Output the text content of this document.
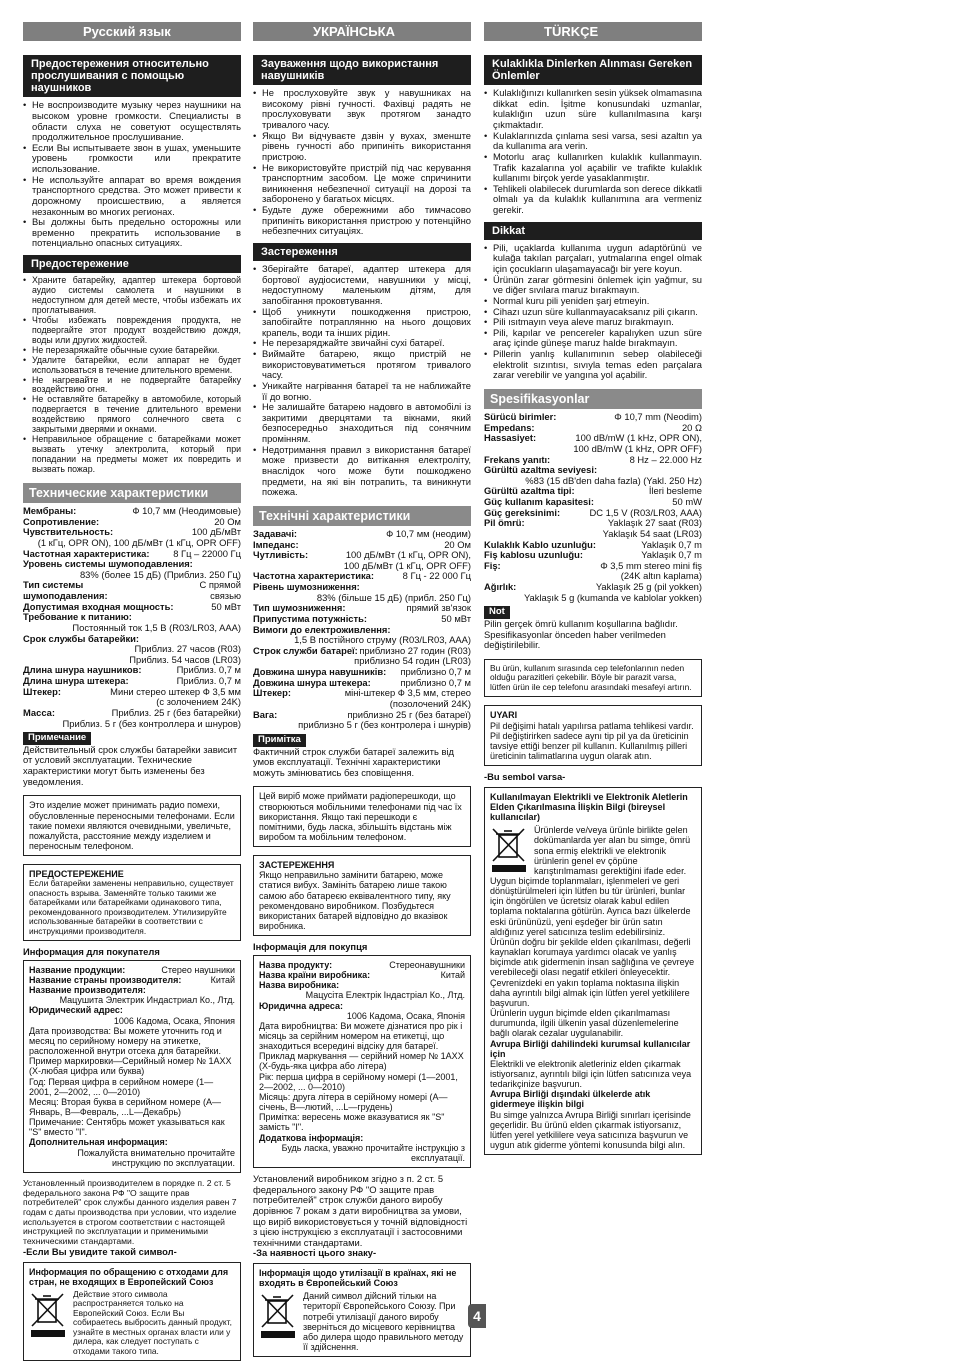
Русский язык
Предостережения относительно прослушивания с помощью наушников
• Не воспроизводите музыку через наушники на высоком уровне громкости. Специалисты в области слуха не советуют осуществлять продолжительное прослушивание.
• Если Вы испытываете звон в ушах, уменьшите уровень громкости или прекратите использование.
• Не используйте аппарат во время вождения транспортного средства. Это может привести к дорожному происшествию, а является незаконным во многих регионах.
• Вы должны быть предельно осторожны или временно прекратить использование в потенциально опасных ситуациях.
Предостережение
• Храните батарейку, адаптер штекера бортовой аудио системы самолета и наушники в недоступном для детей месте, чтобы избежать их проглатывания.
• Чтобы избежать повреждения продукта, не подвергайте этот продукт воздействию дождя, воды или других жидкостей.
• Не перезаряжайте обычные сухие батарейки.
• Удалите батарейки, если аппарат не будет использоваться в течение длительного времени.
• Не нагревайте и не подвергайте батарейку воздействию огня.
• Не оставляйте батарейку в автомобиле, который подвергается в течение длительного времени воздействию прямого солнечного света с закрытыми дверями и окнами.
• Неправильное обращение с батарейками может вызвать утечку электролита, который при попадании на предметы может их повредить и вызвать пожар.
Технические характеристики
Мембраны:	Ф 10,7 мм (Неодимовые)
Сопротивление:	20 Ом
Чувствительность:	100 дБ/мВт
(1 кГц, OPR ON), 100 дБ/мВт (1 кГц, OPR OFF)
Частотная характеристика:	8 Гц – 22000 Гц
Уровень системы шумоподавления:
83% (более 15 дБ) (Приблиз. 250 Гц)
Тип системы шумоподавления:
С прямой связью
Допустимая входная мощность:	50 мВт
Требование к питанию:
Постоянный ток 1,5 В (R03/LR03, AAA)
Срок службы батарейки:
Приблиз. 27 часов (R03)
Приблиз. 54 часов (LR03)
Длина шнура наушников:	Приблиз. 0,7 м
Длина шнура штекера:	Приблиз. 0,7 м
Штекер:	Мини стерео штекер Ф 3,5 мм
(с золочением 24K)
Масса:	Приблиз. 25 г (без батарейки)
Приблиз. 5 г (без контроллера и шнуров)
Примечание

Действительный срок службы батарейки зависит от условий эксплуатации. Технические характеристики могут быть изменены без уведомления.

Это изделие может принимать радио помехи, обусловленные переносными телефонами. Если такие помехи являются очевидными, увеличьте, пожалуйста, расстояние между изделием и переносным телефоном.

ПРЕДОСТЕРЕЖЕНИЕ

Если батарейки заменены неправильно, существует опасность взрыва. Заменяйте только такими же батарейками или батарейками одинакового типа, рекомендованного производителем. Утилизируйте использованные батарейки в соответствии с инструкциями производителя.

Информация для покупателя

Название продукции:	Стерео наушники
Название страны производителя:	Китай
Название производителя:
Мацушита Электрик Индастриал Ко., Лтд.
Юридический адрес:
1006 Кадома, Осака, Япония

Дата производства: Вы можете уточнить год и месяц по серийному номеру на этикетке, расположенной внутри отсека для батарейки.

Пример маркировки—Серийный номер № 1AXX (X-любая цифра или буква)

Год: Первая цифра в серийном номере (1—2001, 2—2002, ... 0—2010)

Месяц: Вторая буква в серийном номере (А—Январь, В—Февраль, ...L—Декабрь)

Примечание: Сентябрь может указываться как "S" вместо "I".

Дополнительная информация:

Пожалуйста внимательно прочитайте инструкцию по эксплуатации.

Установленный производителем в порядке п. 2 ст. 5 федерального закона РФ "О защите прав потребителей" срок службы данного изделия равен 7 годам с даты производства при условии, что изделие используется в строгом соответствии с настоящей инструкцией по эксплуатации и применимыми техническими стандартами.

-Если Вы увидите такой символ-

Информация по обращению с отходами для стран, не входящих в Европейский Союз

Действие этого символа распространяется только на Европейский Союз. Если Вы собираетесь выбросить данный продукт, узнайте в местных органах власти или у дилера, как следует поступать с отходами такого типа.

УКРАЇНСЬКА
Зауваження щодо використання навушників
• Не прослуховуйте звук у навушниках на високому рівні гучності. Фахівці радять не прослуховувати звук протягом занадто тривалого часу.
• Якщо Ви відчуваєте дзвін у вухах, зменште рівень гучності або припиніть використання пристрою.
• Не використовуйте пристрій під час керування транспортним засобом. Це може спричинити виникнення небезпечної ситуації на дорозі та заборонено у багатьох місцях.
• Будьте дуже обережними або тимчасово припиніть використання пристрою у потенційно небезпечних ситуаціях.
Застереження
• Зберігайте батареї, адаптер штекера для бортової аудіосистеми, навушники у місці, недоступному маленьким дітям, для запобігання проковтування.
• Щоб уникнути пошкодження пристрою, запобігайте потраплянню на нього дощових крапель, води та інших рідин.
• Не перезаряджайте звичайні сухі батареї.
• Виймайте батарею, якщо пристрій не використовуватиметься протягом тривалого часу.
• Уникайте нагрівання батареї та не наближайте її до вогню.
• Не залишайте батарею надовго в автомобілі із закритими дверцятами та вікнами, який безпосередньо знаходиться під сонячним промінням.
• Недотримання правил з використання батареї може призвести до витікання електроліту, внаслідок чого може бути пошкоджено предмети, на які він потрапить, та виникнути пожежа.
Технічні характеристики
Задавачі:	Ф 10,7 мм (неодим)
Імпеданс:	20 Ом
Чутливість:	100 дБ/мВт (1 кГц, OPR ON),
100 дБ/мВт (1 кГц, OPR OFF)
Частотна характеристика:	8 Гц - 22 000 Гц
Рівень шумозниження:
83% (більше 15 дБ) (прибл. 250 Гц)
Тип шумозниження:	прямий зв'язок
Припустима потужність:	50 мВт
Вимоги до електроживлення:
1,5 В постійного струму (R03/LR03, AAA)
Строк служби батареї: приблизно 27 годин (R03)
приблизно 54 годин (LR03)
Довжина шнура навушників: приблизно 0,7 м
Довжина шнура штекера:	приблизно 0,7 м
Штекер:	міні-штекер Ф 3,5 мм, стерео
(позолочений 24K)
Вага:	приблизно 25 г (без батареї)
приблизно 5 г (без контролера і шнурів)
Примітка

Фактичний строк служби батареї залежить від умов експлуатації. Технічні характеристики можуть змінюватись без сповіщення.

Цей виріб може приймати радіоперешкоди, що створюються мобільними телефонами під час їх використання. Якщо такі перешкоди є помітними, будь ласка, збільшіть відстань між виробом та мобільним телефоном.

ЗАСТЕРЕЖЕННЯ

Якщо неправильно замінити батарею, може статися вибух. Замініть батарею лише такою самою або батареєю еквівалентного типу, яку рекомендовано виробником. Позбудьтеся використаних батарей відповідно до вказівок виробника.

Інформація для покупця

Назва продукту:	Стереонавушники
Назва країни виробника:	Китай
Назва виробника:
Мацусіта Електрік Індастріал Ко., Лтд.
Юридична адреса:
1006 Кадома, Осака, Японія

Дата виробництва: Ви можете дізнатися про рік і місяць за серійним номером на етикетці, що знаходиться всередині відсіку для батареї.

Приклад маркування — серійний номер № 1AXX (X-будь-яка цифра або літера)

Рік: перша цифра в серійному номері (1—2001, 2—2002, ... 0—2010)

Місяць: друга літера в серійному номері (А—січень, В—лютий, ...L—грудень)

Примітка: вересень може вказуватися як "S" замість "I".

Додаткова інформація:

Будь ласка, уважно прочитайте інструкцію з експлуатації.

Установлений виробником згідно з п. 2 ст. 5 федерального закону РФ "О защите прав потребителей" строк служби даного виробу дорівнює 7 рокам з дати виробництва за умови, що виріб використовується у точній відповідності з цією інструкцією з експлуатації і застосовними технічними стандартами.

-За наявності цього знаку-

Інформація щодо утилізації в країнах, які не входять в Європейський Союз

Даний символ дійсний тільки на території Європейського Союзу. При потребі утилізації даного виробу зверніться до місцевого керівництва або дилера щодо правильного методу її здійснення.

TÜRKÇE
Kulaklıkla Dinlerken Alınması Gereken Önlemler
• Kulaklığınızı kullanırken sesin yüksek olmamasına dikkat edin. İşitme konusundaki uzmanlar, kulaklığın uzun süre kullanılmasına karşı çıkmaktadır.
• Kulaklarınızda çınlama sesi varsa, sesi azaltın ya da kullanıma ara verin.
• Motorlu araç kullanırken kulaklık kullanmayın. Trafik kazalarına yol açabilir ve trafikte kulaklık kullanımı birçok yerde yasaklanmıştır.
• Tehlikeli olabilecek durumlarda son derece dikkatli olmalı ya da kulaklık kullanımına ara vermeniz gerekir.
Dikkat
• Pili, uçaklarda kullanıma uygun adaptörünü ve kulağa takılan parçaları, yutmalarına engel olmak için çocukların ulaşamayacağı bir yere koyun.
• Ürünün zarar görmesini önlemek için yağmur, su ve diğer sıvılara maruz bırakmayın.
• Normal kuru pili yeniden şarj etmeyin.
• Cihazı uzun süre kullanmayacaksanız pili çıkarın.
• Pili ısıtmayın veya aleve maruz bırakmayın.
• Pili, kapılar ve pencereler kapalıyken uzun süre araç içinde güneşe maruz halde bırakmayın.
• Pillerin yanlış kullanımının sebep olabileceği elektrolit sızıntısı, sıvıyla temas eden parçalara zarar verebilir ve yangına yol açabilir.
Spesifikasyonlar
Sürücü birimler:	Φ 10,7 mm (Neodim)
Empedans:	20 Ω
Hassasiyet:	100 dB/mW (1 kHz, OPR ON),
100 dB/mW (1 kHz, OPR OFF)
Frekans yanıtı:	8 Hz – 22.000 Hz
Gürültü azaltma seviyesi:
%83 (15 dB'den daha fazla) (Yakl. 250 Hz)
Gürültü azaltma tipi:	İleri besleme
Güç kullanım kapasitesi:	50 mW
Güç gereksinimi:	DC 1,5 V (R03/LR03, AAA)
Pil ömrü:	Yaklaşık 27 saat (R03)
Yaklaşık 54 saat (LR03)
Kulaklık Kablo uzunluğu:	Yaklaşık 0,7 m
Fiş kablosu uzunluğu:	Yaklaşık 0,7 m
Fiş:	Φ 3,5 mm stereo mini fiş
(24K altın kaplama)
Ağırlık:	Yaklaşık 25 g (pil yokken)
Yaklaşık 5 g (kumanda ve kablolar yokken)
Not

Pilin gerçek ömrü kullanım koşullarına bağlıdır. Spesifikasyonlar önceden haber verilmeden değiştirilebilir.

Bu ürün, kullanım sırasında cep telefonlarının neden olduğu parazitleri çekebilir. Böyle bir parazit varsa, lütfen ürün ile cep telefonu arasındaki mesafeyi artırın.

UYARI

Pil değişimi hatalı yapılırsa patlama tehlikesi vardır. Pil değiştirirken sadece aynı tip pil ya da üreticinin tavsiye ettiği benzer pil kullanın. Kullanılmış pilleri üreticinin talimatlarına uygun olarak atın.

-Bu sembol varsa-

Kullanılmayan Elektrikli ve Elektronik Aletlerin Elden Çıkarılmasına İlişkin Bilgi (bireysel kullanıcılar)

Ürünlerde ve/veya ürünle birlikte gelen dokümanlarda yer alan bu simge, ömrü sona ermiş elektrikli ve elektronik ürünlerin genel ev çöpüne karıştırılmaması gerektiğini ifade eder.

Uygun biçimde toplanmaları, işlenmeleri ve geri dönüştürülmeleri için lütfen bu tür ürünleri, bunlar için öngörülen ve ücretsiz olarak kabul edilen toplama noktalarına götürün. Ayrıca bazı ülkelerde eski ürününüzü, yeni eşdeğer bir ürün satın aldığınız yerel satıcınıza teslim edebilirsiniz.

Ürünün doğru bir şekilde elden çıkarılması, değerli kaynakları korumaya yardımcı olacak ve yanlış biçimde atık gidermenin insan sağlığına ve çevreye verebileceği olası negatif etkileri önleyecektir. Çevrenizdeki en yakın toplama noktasına ilişkin daha ayrıntılı bilgi almak için lütfen yerel yetkililere başvurun.

Ürünlerin uygun biçimde elden çıkarılmaması durumunda, ilgili ülkenin yasal düzenlemelerine bağlı olarak cezalar uygulanabilir.

Avrupa Birliği dahilindeki kurumsal kullanıcılar için

Elektrikli ve elektronik aletleriniz elden çıkarmak istiyorsanız, ayrıntılı bilgi için lütfen satıcınıza veya tedarikçinize başvurun.

Avrupa Birliği dışındaki ülkelerde atık gidermeye ilişkin bilgi

Bu simge yalnızca Avrupa Birliği sınırları içerisinde geçerlidir. Bu ürünü elden çıkarmak istiyorsanız, lütfen yerel yetkililere veya satıcınıza başvurun ve uygun atık giderme yöntemi konusunda bilgi alın.

4
